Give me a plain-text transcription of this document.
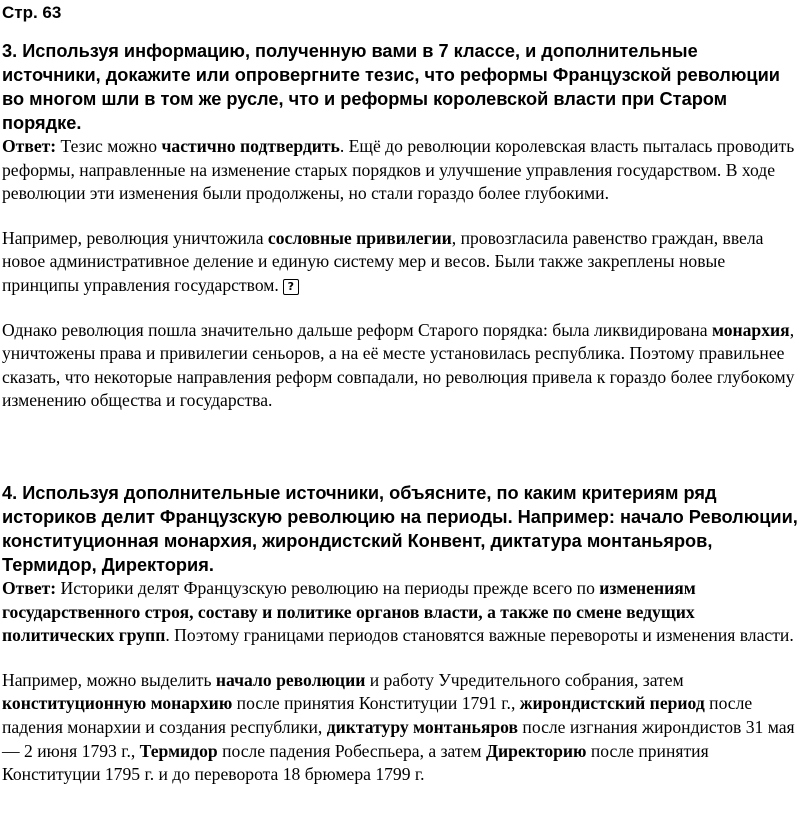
Стр. 63

3. Используя информацию, полученную вами в 7 классе, и дополнительные источники, докажите или опровергните тезис, что реформы Французской революции во многом шли в том же русле, что и реформы королевской власти при Старом порядке.

Ответ: Тезис можно частично подтвердить. Ещё до революции королевская власть пыталась проводить реформы, направленные на изменение старых порядков и улучшение управления государством. В ходе революции эти изменения были продолжены, но стали гораздо более глубокими.

Например, революция уничтожила сословные привилегии, провозгласила равенство граждан, ввела новое административное деление и единую систему мер и весов. Были также закреплены новые принципы управления государством. ?

Однако революция пошла значительно дальше реформ Старого порядка: была ликвидирована монархия, уничтожены права и привилегии сеньоров, а на её месте установилась республика. Поэтому правильнее сказать, что некоторые направления реформ совпадали, но революция привела к гораздо более глубокому изменению общества и государства.

4. Используя дополнительные источники, объясните, по каким критериям ряд историков делит Французскую революцию на периоды. Например: начало Революции, конституционная монархия, жирондистский Конвент, диктатура монтаньяров, Термидор, Директория.

Ответ: Историки делят Французскую революцию на периоды прежде всего по изменениям государственного строя, составу и политике органов власти, а также по смене ведущих политических групп. Поэтому границами периодов становятся важные перевороты и изменения власти.

Например, можно выделить начало революции и работу Учредительного собрания, затем конституционную монархию после принятия Конституции 1791 г., жирондистский период после падения монархии и создания республики, диктатуру монтаньяров после изгнания жирондистов 31 мая — 2 июня 1793 г., Термидор после падения Робеспьера, а затем Директорию после принятия Конституции 1795 г. и до переворота 18 брюмера 1799 г.
